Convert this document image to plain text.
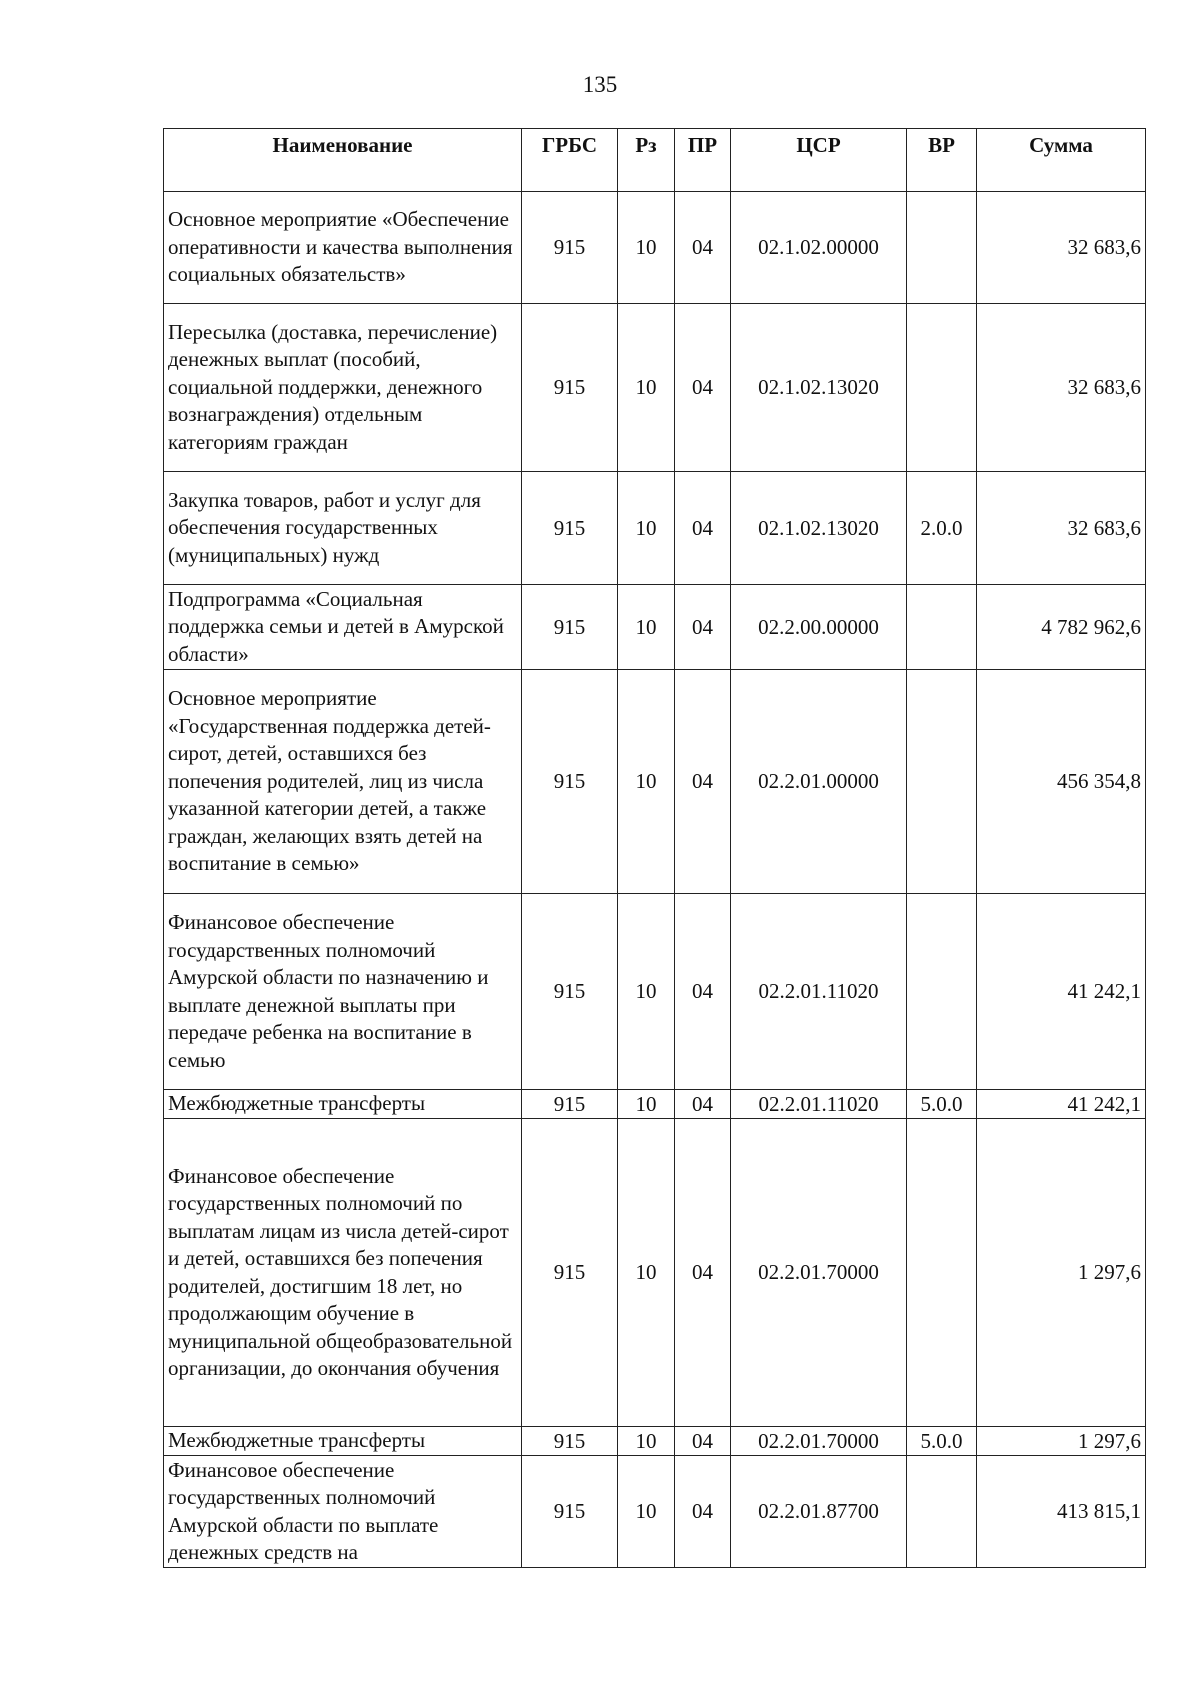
135
Наименование	ГРБС	Рз	ПР	ЦСР	ВР	Сумма
Основное мероприятие «Обеспечение оперативности и качества выполнения социальных обязательств»	915	10	04	02.1.02.00000		32 683,6
Пересылка (доставка, перечисление) денежных выплат (пособий, социальной поддержки, денежного вознаграждения) отдельным категориям граждан	915	10	04	02.1.02.13020		32 683,6
Закупка товаров, работ и услуг для обеспечения государственных (муниципальных) нужд	915	10	04	02.1.02.13020	2.0.0	32 683,6
Подпрограмма «Социальная поддержка семьи и детей в Амурской области»	915	10	04	02.2.00.00000		4 782 962,6
Основное мероприятие «Государственная поддержка детей-сирот, детей, оставшихся без попечения родителей, лиц из числа указанной категории детей, а также граждан, желающих взять детей на воспитание в семью»	915	10	04	02.2.01.00000		456 354,8
Финансовое обеспечение государственных полномочий Амурской области по назначению и выплате денежной выплаты при передаче ребенка на воспитание в семью	915	10	04	02.2.01.11020		41 242,1
Межбюджетные трансферты	915	10	04	02.2.01.11020	5.0.0	41 242,1
Финансовое обеспечение государственных полномочий по выплатам лицам из числа детей-сирот и детей, оставшихся без попечения родителей, достигшим 18 лет, но продолжающим обучение в муниципальной общеобразовательной организации, до окончания обучения	915	10	04	02.2.01.70000		1 297,6
Межбюджетные трансферты	915	10	04	02.2.01.70000	5.0.0	1 297,6
Финансовое обеспечение государственных полномочий Амурской области по выплате денежных средств на	915	10	04	02.2.01.87700		413 815,1
